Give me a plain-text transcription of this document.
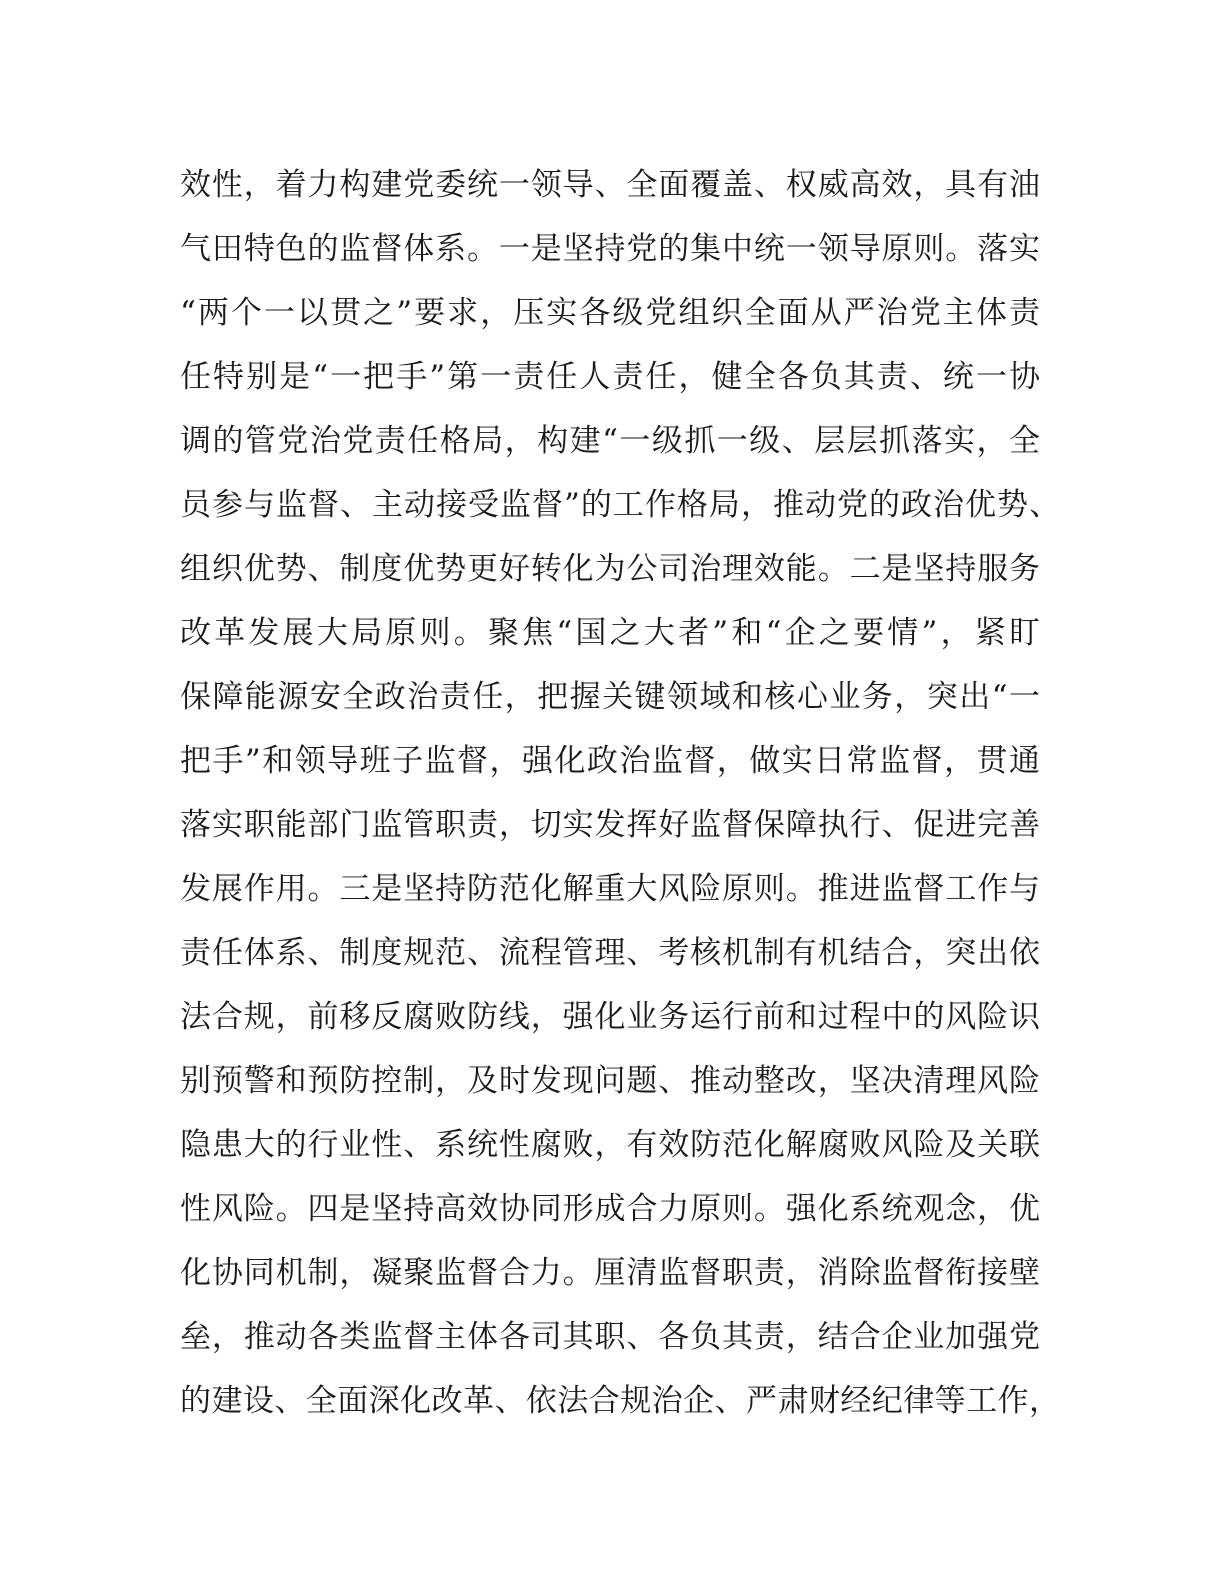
效性，着力构建党委统一领导、全面覆盖、权威高效，具有油
气田特色的监督体系。一是坚持党的集中统一领导原则。落实
“两个一以贯之”要求，压实各级党组织全面从严治党主体责
任特别是“一把手”第一责任人责任，健全各负其责、统一协
调的管党治党责任格局，构建“一级抓一级、层层抓落实，全
员参与监督、主动接受监督”的工作格局，推动党的政治优势、
组织优势、制度优势更好转化为公司治理效能。二是坚持服务
改革发展大局原则。聚焦“国之大者”和“企之要情”，紧盯
保障能源安全政治责任，把握关键领域和核心业务，突出“一
把手”和领导班子监督，强化政治监督，做实日常监督，贯通
落实职能部门监管职责，切实发挥好监督保障执行、促进完善
发展作用。三是坚持防范化解重大风险原则。推进监督工作与
责任体系、制度规范、流程管理、考核机制有机结合，突出依
法合规，前移反腐败防线，强化业务运行前和过程中的风险识
别预警和预防控制，及时发现问题、推动整改，坚决清理风险
隐患大的行业性、系统性腐败，有效防范化解腐败风险及关联
性风险。四是坚持高效协同形成合力原则。强化系统观念，优
化协同机制，凝聚监督合力。厘清监督职责，消除监督衔接壁
垒，推动各类监督主体各司其职、各负其责，结合企业加强党
的建设、全面深化改革、依法合规治企、严肃财经纪律等工作，
